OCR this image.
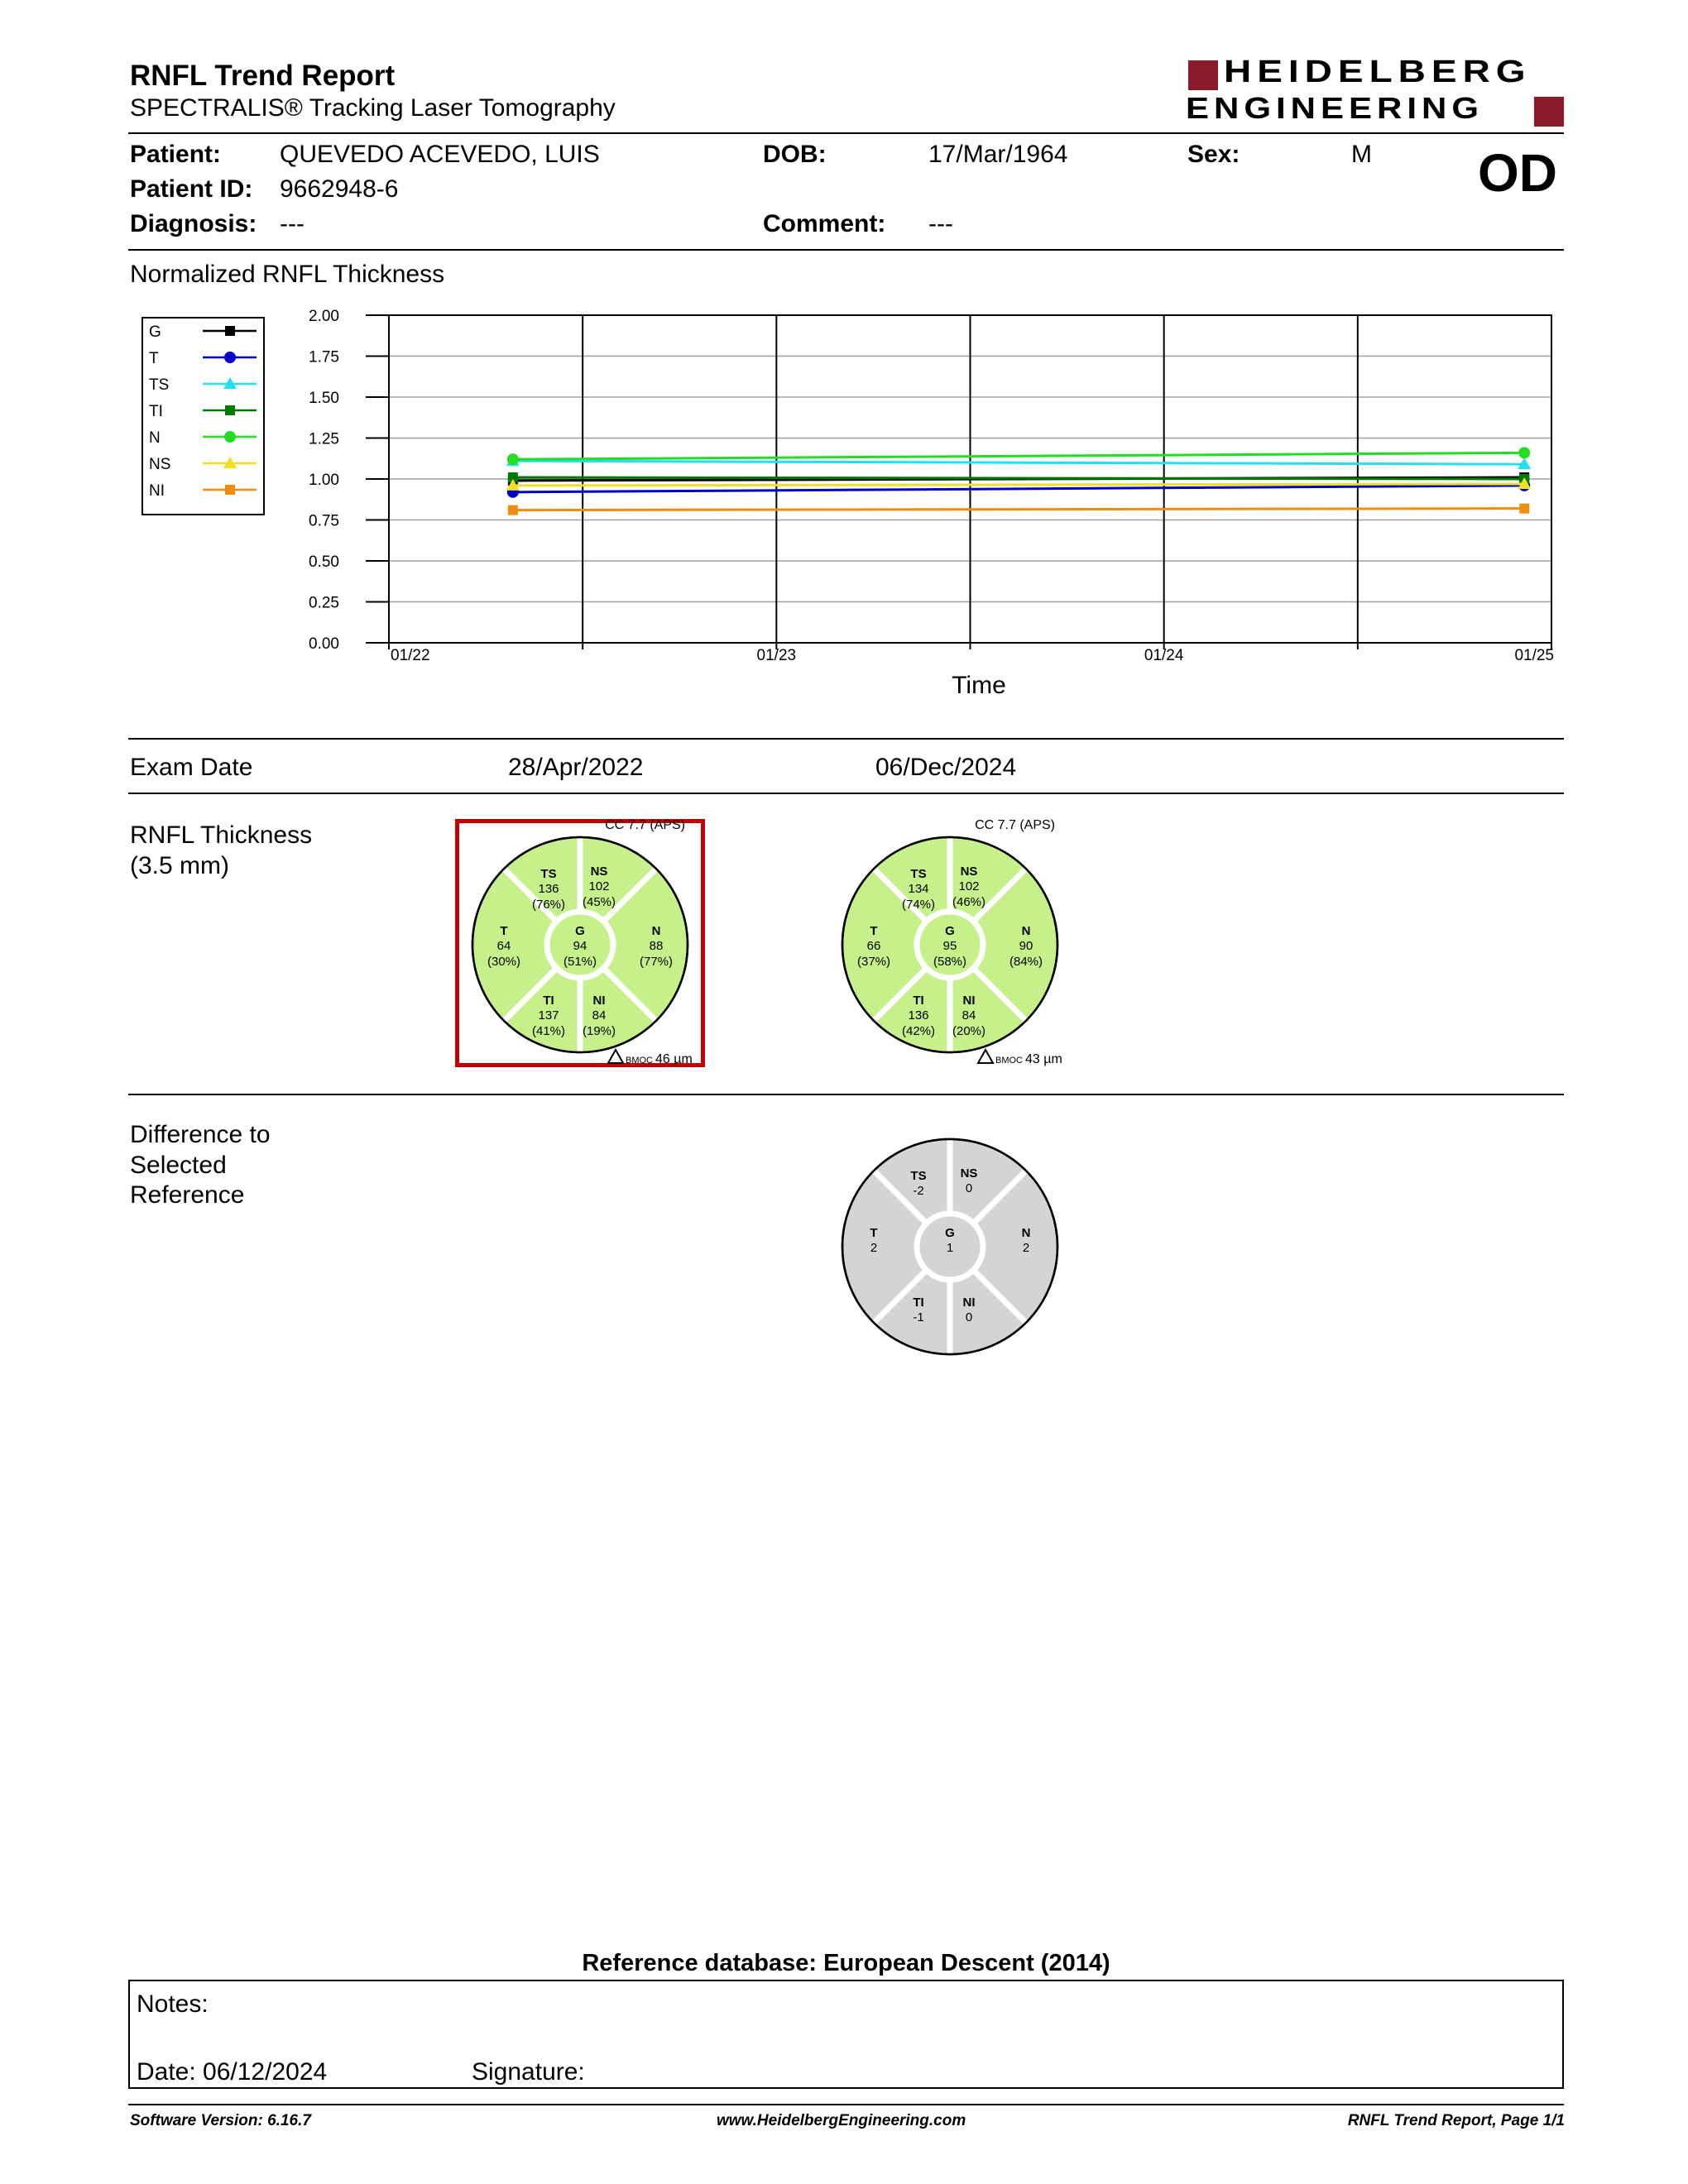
RNFL Trend Report
SPECTRALIS® Tracking Laser Tomography
HEIDELBERG
ENGINEERING
Patient: QUEVEDO ACEVEDO, LUIS	DOB:	17/Mar/1964	Sex:	M OD
Patient ID: 9662948-6
Diagnosis: ---	Comment: ---
Normalized RNFL Thickness
G
T
TS
TI
N
NS
NI
0.00
0.25
0.50
0.75
1.00
1.25
1.50
1.75
2.00
01/22	01/23	01/24	01/25
Time
Exam Date	28/Apr/2022	06/Dec/2024
RNFL Thickness
(3.5 mm)	TS
136
(76%)
NS
102
(45%)
T
64
(30%)
G
94
(51%)
N
88
(77%)
TI
137
(41%)
NI
84
(19%)
CC 7.7 (APS)
BMOC 46 µm
TS
134
(74%)
NS
102
(46%)
T
66
(37%)
G
95
(58%)
N
90
(84%)
TI
136
(42%)
NI
84
(20%)
CC 7.7 (APS)
BMOC 43 µm
Difference to
Selected
Reference
TS
-2
NS
0
T
2
G
1
N
2
TI
-1
NI
0
Reference database: European Descent (2014)
Notes:
Date: 06/12/2024	Signature:
Software Version: 6.16.7	www.HeidelbergEngineering.com	RNFL Trend Report, Page 1/1
